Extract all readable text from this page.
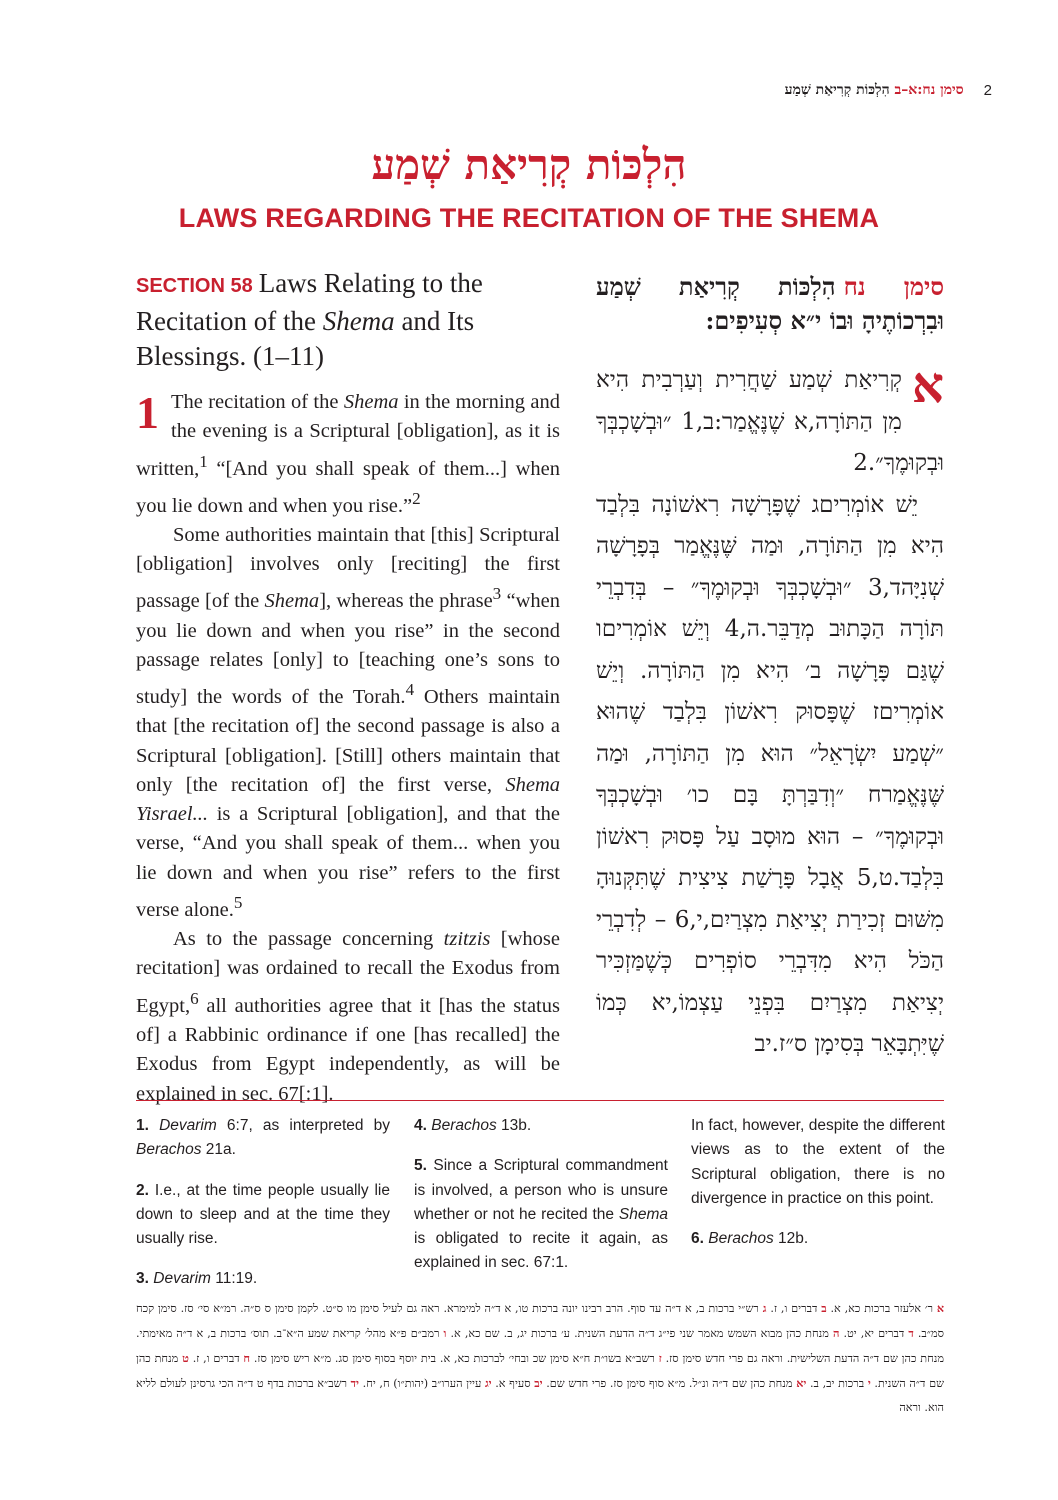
סימן נח:א–ב הִלְכּוֹת קְרִיאַת שְׁמַע	2
הִלְכּוֹת קְרִיאַת שְׁמַע
LAWS REGARDING THE RECITATION OF THE SHEMA
SECTION 58 Laws Relating to the Recitation of the Shema and Its Blessings. (1–11)

1 The recitation of the Shema in the morning and the evening is a Scriptural [obligation], as it is written,$^1$ “[And you shall speak of them...] when you lie down and when you rise.”$^2$

Some authorities maintain that [this] Scriptural [obligation] involves only [reciting] the first passage [of the Shema], whereas the phrase$^3$ “when you lie down and when you rise” in the second passage relates [only] to [teaching one’s sons to study] the words of the Torah.$^4$ Others maintain that [the recitation of] the second passage is also a Scriptural [obligation]. [Still] others maintain that only [the recitation of] the first verse, Shema Yisrael... is a Scriptural [obligation], and that the verse, “And you shall speak of them... when you lie down and when you rise” refers to the first verse alone.$^5$

As to the passage concerning tzitzis [whose recitation] was ordained to recall the Exodus from Egypt,$^6$ all authorities agree that it [has the status of] a Rabbinic ordinance if one [has recalled] the Exodus from Egypt independently, as will be explained in sec. 67[:1].

סימן נחהִלְכּוֹת קְרִיאַת שְׁמַע וּבִרְכוֹתֶיהָ וּבוֹ י״א סְעִיפִים:

א
קְרִיאַת שְׁמַע שַׁחֲרִית וְעַרְבִית הִיא מִן הַתּוֹרָה,א שֶׁנֶּאֱמַר:ב,1 ״וּבְשָׁכְבְּךָ וּבְקוּמֶךָ״.2

יֵשׁ אוֹמְרִיםג שֶׁפָּרָשָׁה רִאשׁוֹנָה בִּלְבַד הִיא מִן הַתּוֹרָה, וּמַה שֶּׁנֶּאֱמַר בְּפָרָשָׁה שְׁנִיָּהד,3 ״וּבְשָׁכְבְּךָ וּבְקוּמֶךָ״ – בְּדִבְרֵי תּוֹרָה הַכָּתוּב מְדַבֵּר.ה,4 וְיֵשׁ אוֹמְרִיםו שֶׁגַּם פָּרָשָׁה ב׳ הִיא מִן הַתּוֹרָה. וְיֵשׁ אוֹמְרִיםז שֶׁפָּסוּק רִאשׁוֹן בִּלְבַד שֶׁהוּא ״שְׁמַע יִשְׂרָאֵל״ הוּא מִן הַתּוֹרָה, וּמַה שֶּׁנֶּאֱמַרח ״וְדִבַּרְתָּ בָּם כו׳ וּבְשָׁכְבְּךָ וּבְקוּמֶךָ״ – הוּא מוּסָב עַל פָּסוּק רִאשׁוֹן בִּלְבַד.ט,5 אֲבָל פָּרָשַׁת צִיצִית שֶׁתִּקְּנוּהָ מִשּׁוּם זְכִירַת יְצִיאַת מִצְרַיִם,י,6 – לְדִבְרֵי הַכֹּל הִיא מִדִּבְרֵי סוֹפְרִים כְּשֶׁמַּזְכִּיר יְצִיאַת מִצְרַיִם בִּפְנֵי עַצְמוֹ,יא כְּמוֹ שֶׁיִּתְבָּאֵר בְּסִימָן ס״ז.יב

1. Devarim 6:7, as interpreted by Berachos 21a.

2. I.e., at the time people usually lie down to sleep and at the time they usually rise.

3. Devarim 11:19.

4. Berachos 13b.

5. Since a Scriptural commandment is involved, a person who is unsure whether or not he recited the Shema is obligated to recite it again, as explained in sec. 67:1.

In fact, however, despite the different views as to the extent of the Scriptural obligation, there is no divergence in practice on this point.

6. Berachos 12b.

א ר׳ אלעזר ברכות כא, א. ב דברים ו, ז. ג רש״י ברכות ב, א ד״ה עד סוף. הרב רבינו יונה ברכות טו, א ד״ה למימרא. ראה גם לעיל סימן מו ס״ט. לקמן סימן ס ס״ה. רמ״א סי׳ סז. סימן קכח סמ״ב. ד דברים יא, יט. ה מנחת כהן מבוא השמש מאמר שני פי״ג ד״ה הדעת השנית. ע׳ ברכות יג, ב. שם כא, א. ו רמב״ם פ״א מהל׳ קריאת שמע ה״א־ב. תוס׳ ברכות ב, א ד״ה מאימתי. מנחת כהן שם ד״ה הדעת השלישית. וראה גם פרי חדש סימן סז. ז רשב״א בשו״ת ח״א סימן שכ ובחי׳ לברכות כא, א. בית יוסף בסוף סימן סג. מ״א ריש סימן סז. ח דברים ו, ז. ט מנחת כהן שם ד״ה השנית. י ברכות יב, ב. יא מנחת כהן שם ד״ה ונ״ל. מ״א סוף סימן סז. פרי חדש שם. יב סעיף א. יג עיין הערו״ב (יהות״ו) ח, יח. יד רשב״א ברכות בדף ט ד״ה הכי גרסינן לעולם לליא הוא. וראה
